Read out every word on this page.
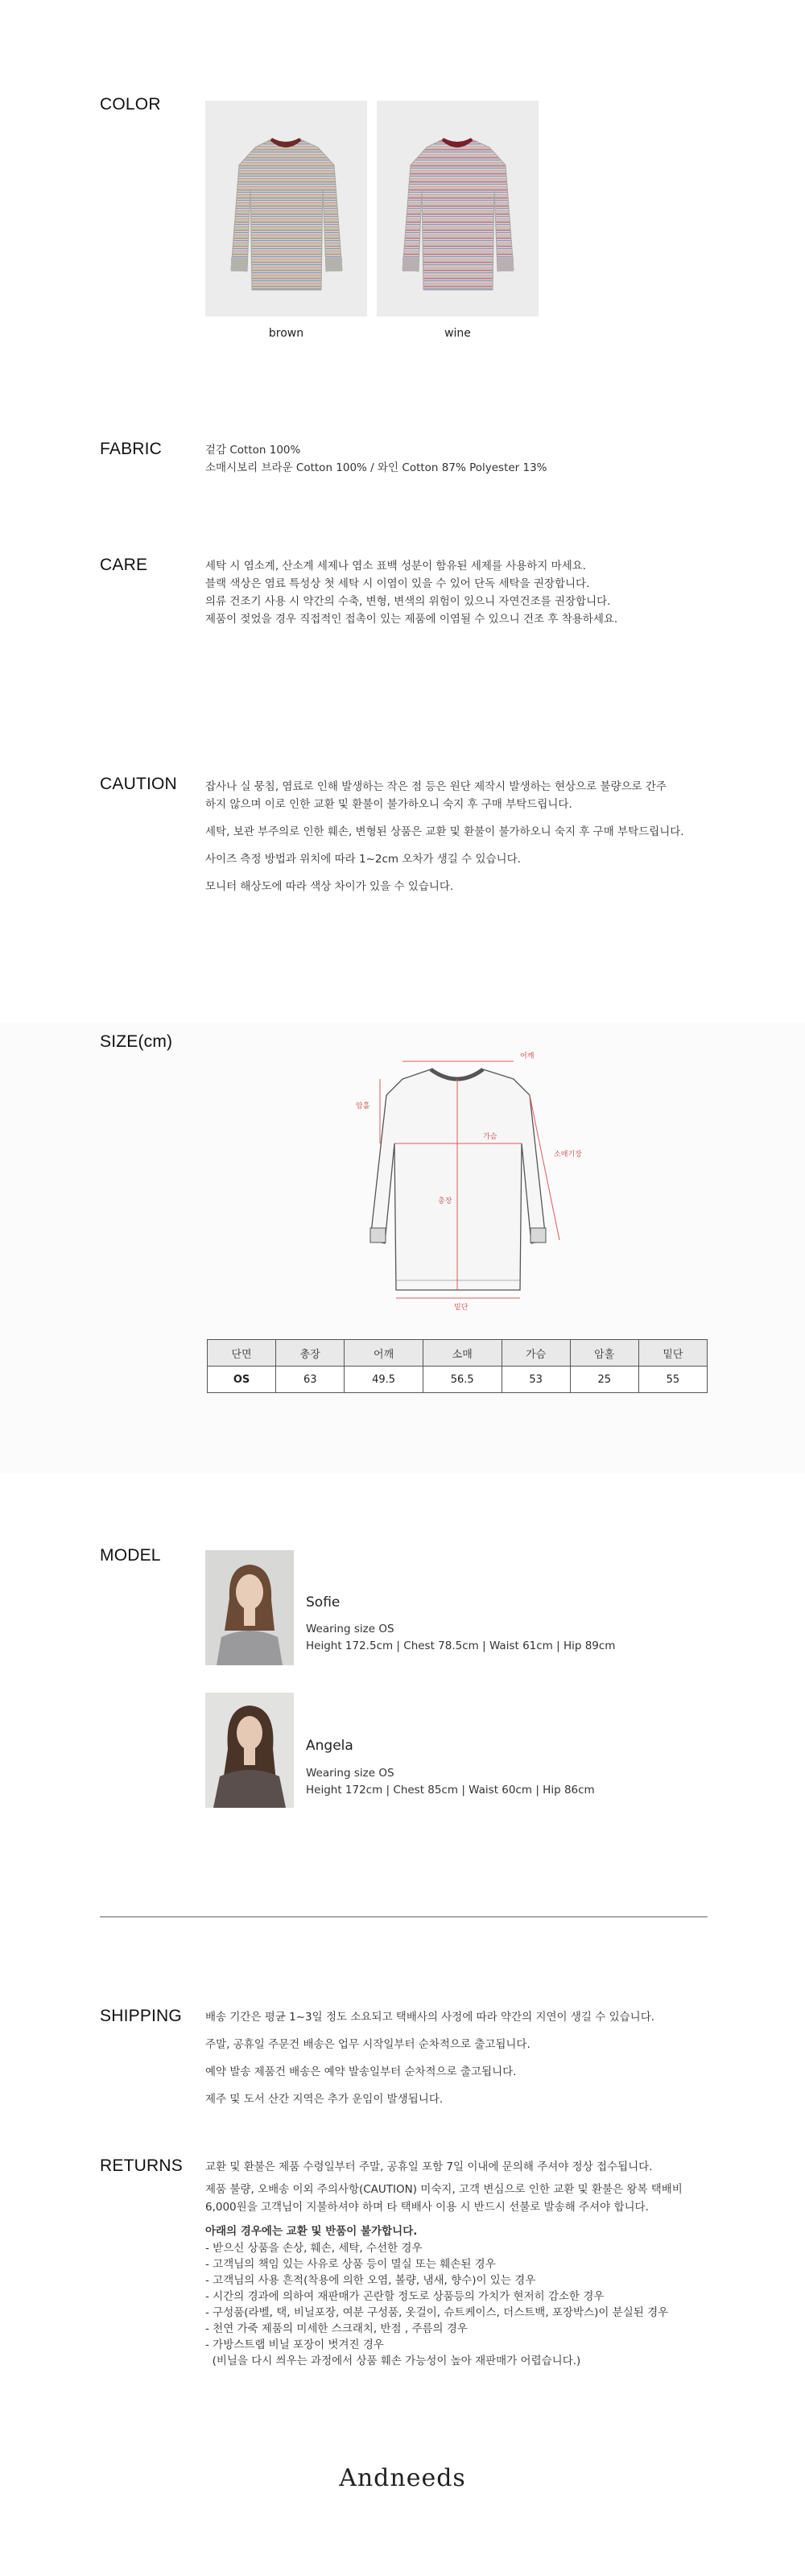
COLOR
brown	wine
FABRIC	겉감 Cotton 100%
소매시보리 브라운 Cotton 100% / 와인 Cotton 87% Polyester 13%
CARE	세탁 시 염소계, 산소계 세제나 염소 표백 성분이 함유된 세제를 사용하지 마세요.
블랙 색상은 염료 특성상 첫 세탁 시 이염이 있을 수 있어 단독 세탁을 권장합니다.
의류 건조기 사용 시 약간의 수축, 변형, 변색의 위험이 있으니 자연건조를 권장합니다.
제품이 젖었을 경우 직접적인 접촉이 있는 제품에 이염될 수 있으니 건조 후 착용하세요.
CAUTION	잡사나 실 뭉침, 염료로 인해 발생하는 작은 점 등은 원단 제작시 발생하는 현상으로 불량으로 간주
하지 않으며 이로 인한 교환 및 환불이 불가하오니 숙지 후 구매 부탁드립니다.
세탁, 보관 부주의로 인한 훼손, 변형된 상품은 교환 및 환불이 불가하오니 숙지 후 구매 부탁드립니다.
사이즈 측정 방법과 위치에 따라 1~2cm 오차가 생길 수 있습니다.
모니터 해상도에 따라 색상 차이가 있을 수 있습니다.
SIZE(cm)
어깨
암홀
가슴
소매기장
총장
밑단
단면	총장	어깨	소매	가슴	암홀	밑단
OS	63	49.5	56.5	53	25	55
MODEL
Sofie
Wearing size OS
Height 172.5cm | Chest 78.5cm | Waist 61cm | Hip 89cm
Angela
Wearing size OS
Height 172cm | Chest 85cm | Waist 60cm | Hip 86cm
SHIPPING 배송 기간은 평균 1~3일 정도 소요되고 택배사의 사정에 따라 약간의 지연이 생길 수 있습니다.
주말, 공휴일 주문건 배송은 업무 시작일부터 순차적으로 출고됩니다.
예약 발송 제품건 배송은 예약 발송일부터 순차적으로 출고됩니다.
제주 및 도서 산간 지역은 추가 운임이 발생됩니다.
RETURNS 교환 및 환불은 제품 수령일부터 주말, 공휴일 포함 7일 이내에 문의해 주셔야 정상 접수됩니다.
제품 불량, 오배송 이외 주의사항(CAUTION) 미숙지, 고객 변심으로 인한 교환 및 환불은 왕복 택배비
6,000원을 고객님이 지불하셔야 하며 타 택배사 이용 시 반드시 선불로 발송해 주셔야 합니다.
아래의 경우에는 교환 및 반품이 불가합니다.
- 받으신 상품을 손상, 훼손, 세탁, 수선한 경우
- 고객님의 책임 있는 사유로 상품 등이 멸실 또는 훼손된 경우
- 고객님의 사용 흔적(착용에 의한 오염, 볼량, 냄새, 향수)이 있는 경우
- 시간의 경과에 의하여 재판매가 곤란할 정도로 상품등의 가치가 현저히 감소한 경우
- 구성품(라벨, 택, 비닐포장, 여분 구성품, 옷걸이, 슈트케이스, 더스트백, 포장박스)이 분실된 경우
- 천연 가죽 제품의 미세한 스크래치, 반점 , 주름의 경우
- 가방스트랩 비닐 포장이 벗겨진 경우
(비닐을 다시 씌우는 과정에서 상품 훼손 가능성이 높아 재판매가 어렵습니다.)
Andneeds
